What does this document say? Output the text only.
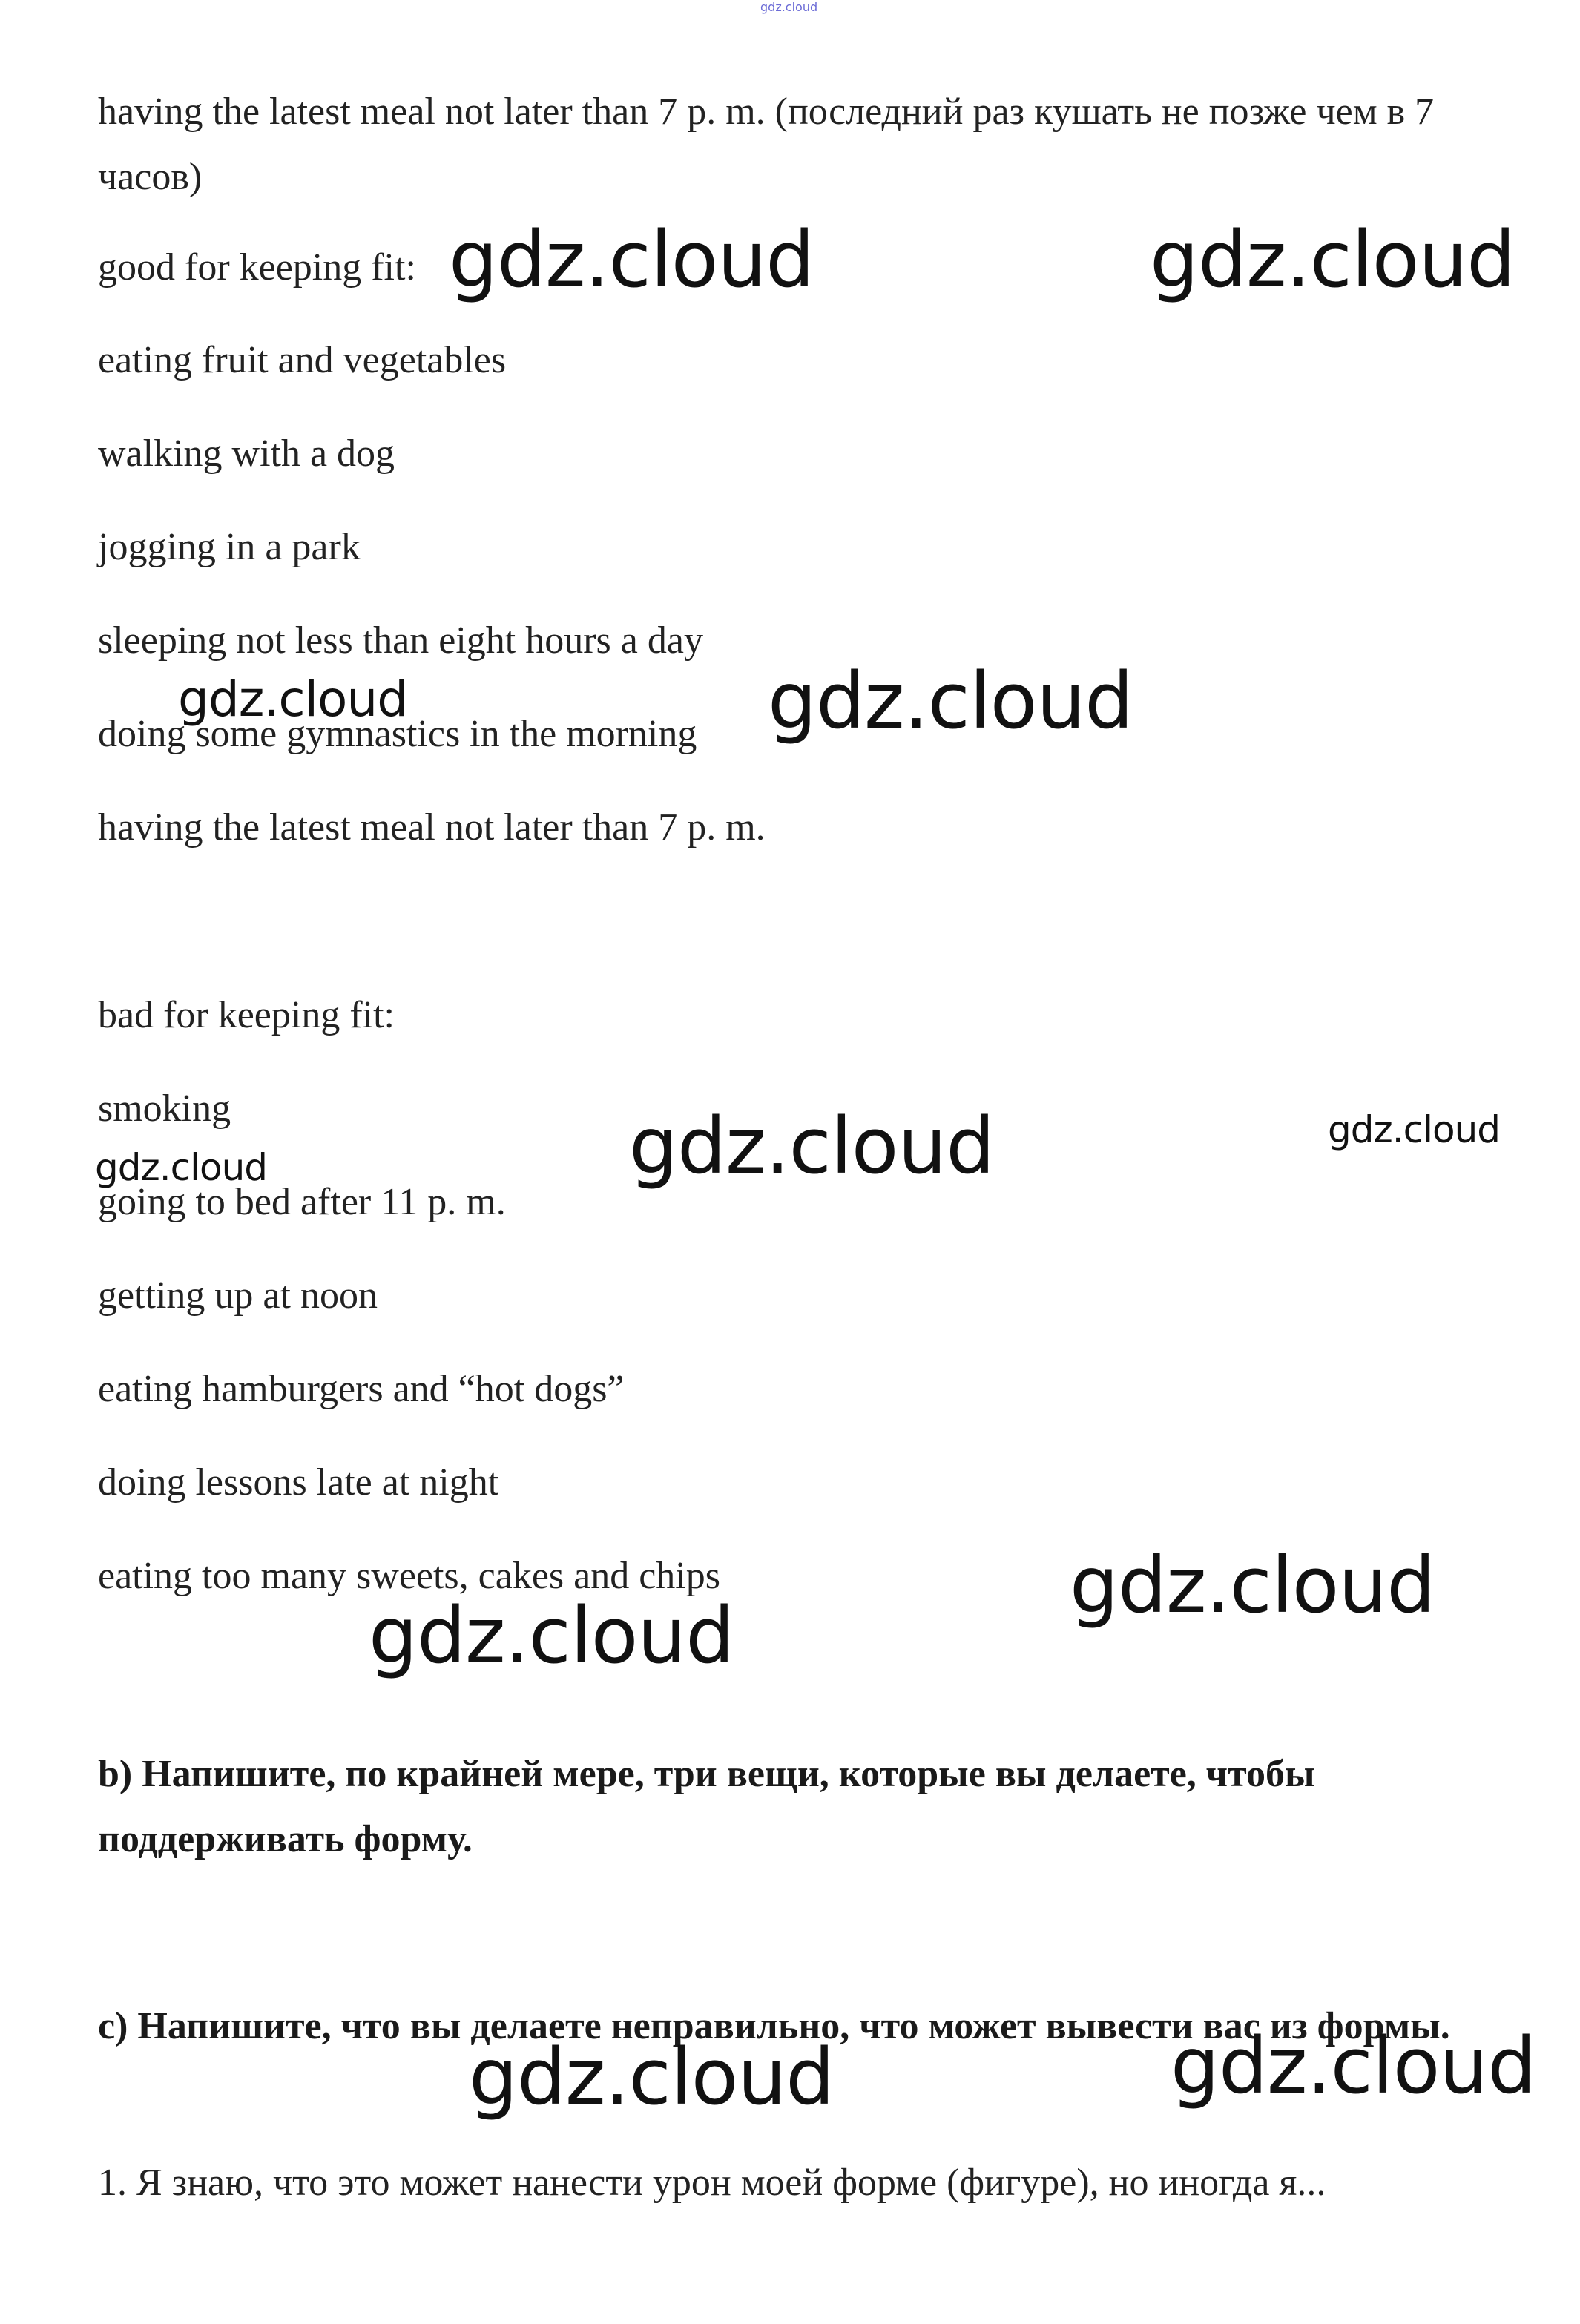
gdz.cloud

having the latest meal not later than 7 p. m. (последний раз кушать не позже чем в 7 часов)

good for keeping fit:

eating fruit and vegetables

walking with a dog

jogging in a park

sleeping not less than eight hours a day

doing some gymnastics in the morning

having the latest meal not later than 7 p. m.

bad for keeping fit:

smoking

going to bed after 11 p. m.

getting up at noon

eating hamburgers and “hot dogs”

doing lessons late at night

eating too many sweets, cakes and chips

b) Напишите, по крайней мере, три вещи, которые вы делаете, чтобы поддерживать форму.

c) Напишите, что вы делаете неправильно, что может вывести вас из формы.

1. Я знаю, что это может нанести урон моей форме (фигуре), но иногда я...

gdz.cloud	gdz.cloud
gdz.cloud	gdz.cloud
gdz.cloud	gdz.cloud
gdz.cloud
gdz.cloud
gdz.cloud
gdz.cloud	gdz.cloud
